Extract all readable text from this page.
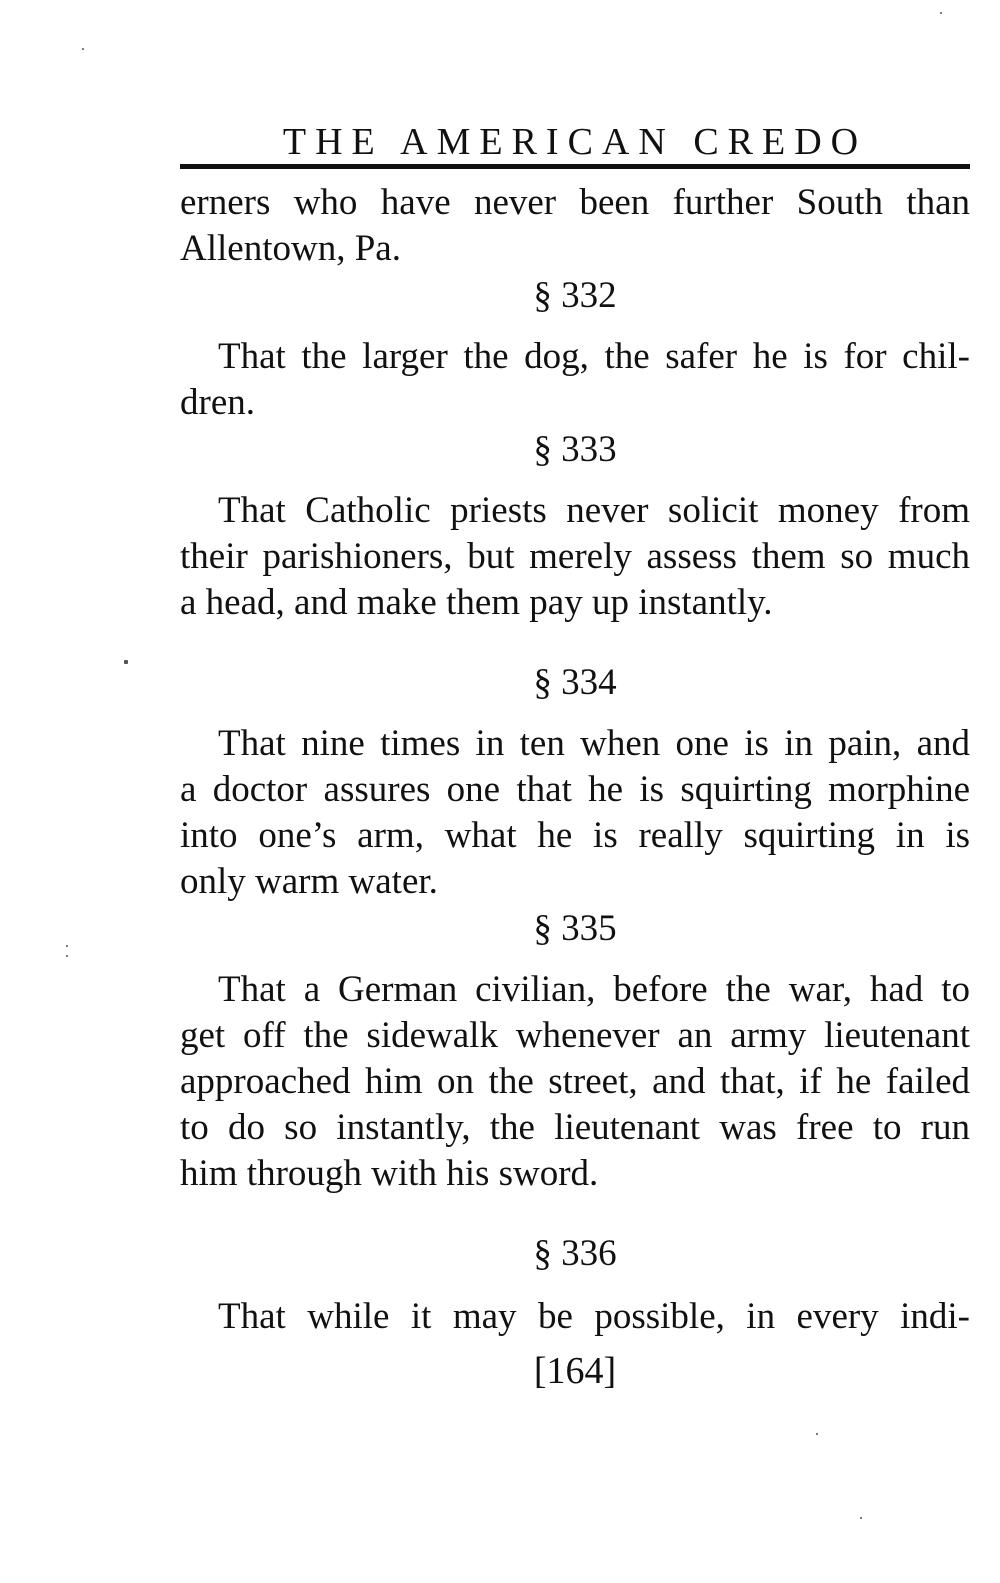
THE AMERICAN CREDO
erners who have never been further South than
Allentown, Pa.
§ 332
That the larger the dog, the safer he is for chil-
dren.
§ 333
That Catholic priests never solicit money from
their parishioners, but merely assess them so much
a head, and make them pay up instantly.
§ 334
That nine times in ten when one is in pain, and
a doctor assures one that he is squirting morphine
into one’s arm, what he is really squirting in is
only warm water.
§ 335
That a German civilian, before the war, had to
get off the sidewalk whenever an army lieutenant
approached him on the street, and that, if he failed
to do so instantly, the lieutenant was free to run
him through with his sword.
§ 336
That while it may be possible, in every indi-
[164]
